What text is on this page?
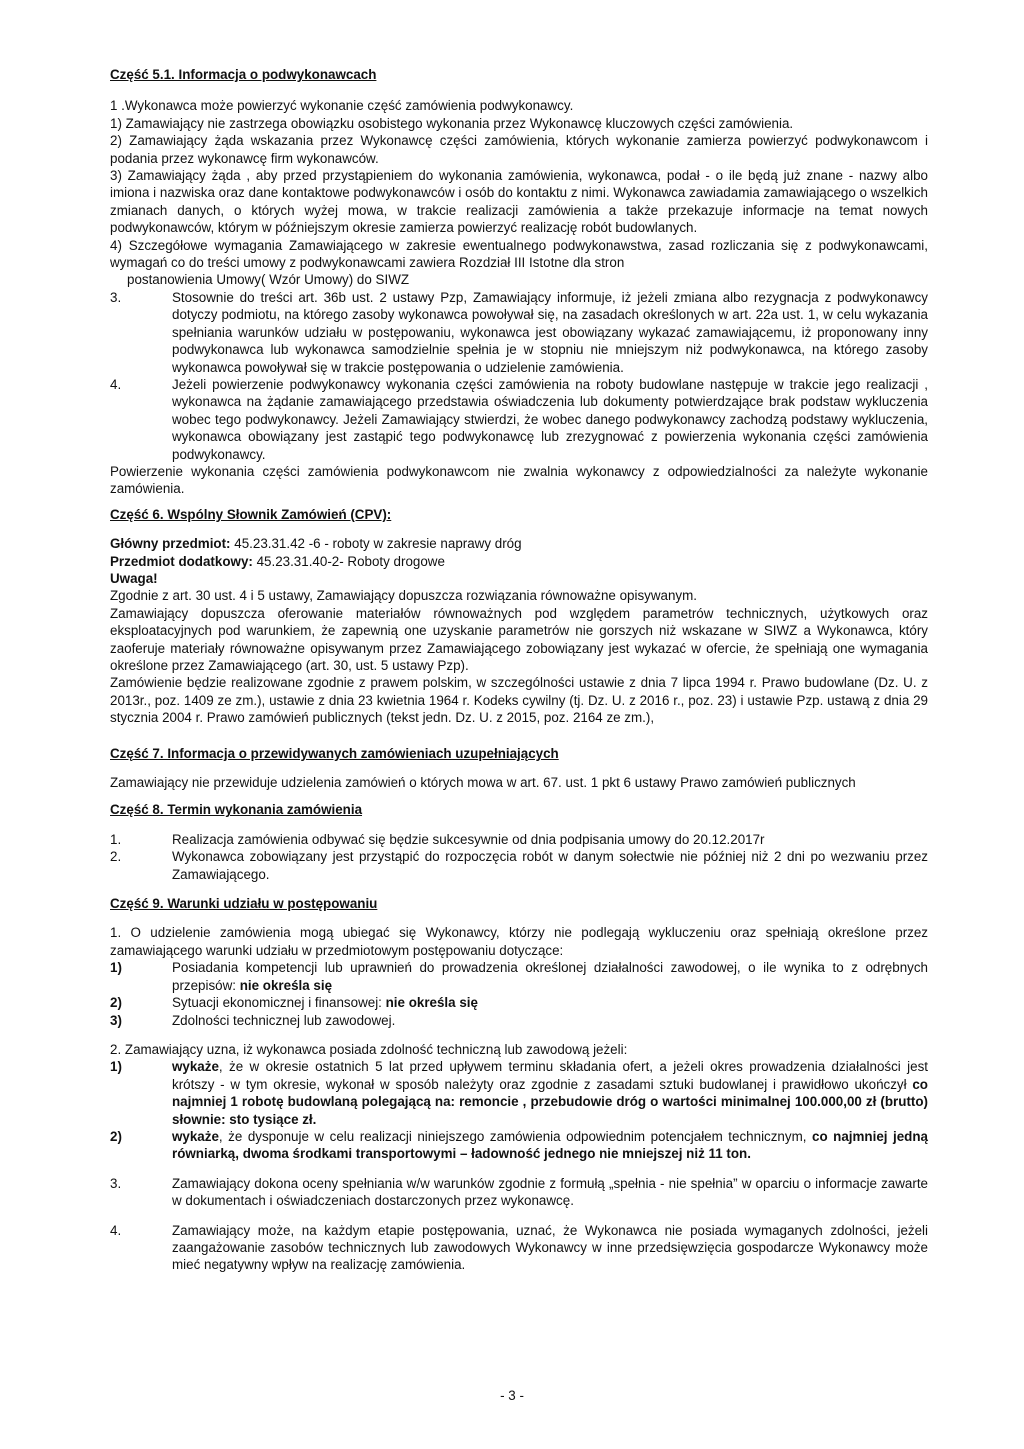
Część 5.1. Informacja o podwykonawcach

1 .Wykonawca może powierzyć wykonanie część zamówienia podwykonawcy.

1) Zamawiający nie zastrzega obowiązku osobistego wykonania przez Wykonawcę kluczowych części zamówienia.

2) Zamawiający żąda wskazania przez Wykonawcę części zamówienia, których wykonanie zamierza powierzyć podwykonawcom i podania przez wykonawcę firm wykonawców.

3) Zamawiający żąda , aby przed przystąpieniem do wykonania zamówienia, wykonawca, podał - o ile będą już znane - nazwy albo imiona i nazwiska oraz dane kontaktowe podwykonawców i osób do kontaktu z nimi. Wykonawca zawiadamia zamawiającego o wszelkich zmianach danych, o których wyżej mowa, w trakcie realizacji zamówienia a także przekazuje informacje na temat nowych podwykonawców, którym w późniejszym okresie zamierza powierzyć realizację robót budowlanych.

4) Szczegółowe wymagania Zamawiającego w zakresie ewentualnego podwykonawstwa, zasad rozliczania się z podwykonawcami, wymagań co do treści umowy z podwykonawcami zawiera Rozdział III Istotne dla stron

postanowienia Umowy( Wzór Umowy) do SIWZ

3.	Stosownie do treści art. 36b ust. 2 ustawy Pzp, Zamawiający informuje, iż jeżeli zmiana albo rezygnacja z podwykonawcy dotyczy podmiotu, na którego zasoby wykonawca powoływał się, na zasadach określonych w art. 22a ust. 1, w celu wykazania spełniania warunków udziału w postępowaniu, wykonawca jest obowiązany wykazać zamawiającemu, iż proponowany inny podwykonawca lub wykonawca samodzielnie spełnia je w stopniu nie mniejszym niż podwykonawca, na którego zasoby wykonawca powoływał się w trakcie postępowania o udzielenie zamówienia.
4.	Jeżeli powierzenie podwykonawcy wykonania części zamówienia na roboty budowlane następuje w trakcie jego realizacji , wykonawca na żądanie zamawiającego przedstawia oświadczenia lub dokumenty potwierdzające brak podstaw wykluczenia wobec tego podwykonawcy. Jeżeli Zamawiający stwierdzi, że wobec danego podwykonawcy zachodzą podstawy wykluczenia, wykonawca obowiązany jest zastąpić tego podwykonawcę lub zrezygnować z powierzenia wykonania części zamówienia podwykonawcy.

Powierzenie wykonania części zamówienia podwykonawcom nie zwalnia wykonawcy z odpowiedzialności za należyte wykonanie zamówienia.

Część 6. Wspólny Słownik Zamówień (CPV):

Główny przedmiot: 45.23.31.42 -6 - roboty w zakresie naprawy dróg

Przedmiot dodatkowy: 45.23.31.40-2- Roboty drogowe

Uwaga!

Zgodnie z art. 30 ust. 4 i 5 ustawy, Zamawiający dopuszcza rozwiązania równoważne opisywanym.

Zamawiający dopuszcza oferowanie materiałów równoważnych pod względem parametrów technicznych, użytkowych oraz eksploatacyjnych pod warunkiem, że zapewnią one uzyskanie parametrów nie gorszych niż wskazane w SIWZ a Wykonawca, który zaoferuje materiały równoważne opisywanym przez Zamawiającego zobowiązany jest wykazać w ofercie, że spełniają one wymagania określone przez Zamawiającego (art. 30, ust. 5 ustawy Pzp).

Zamówienie będzie realizowane zgodnie z prawem polskim, w szczególności ustawie z dnia 7 lipca 1994 r. Prawo budowlane (Dz. U. z 2013r., poz. 1409 ze zm.), ustawie z dnia 23 kwietnia 1964 r. Kodeks cywilny (tj. Dz. U. z 2016 r., poz. 23) i ustawie Pzp. ustawą z dnia 29 stycznia 2004 r. Prawo zamówień publicznych (tekst jedn. Dz. U. z 2015, poz. 2164 ze zm.),

Część 7. Informacja o przewidywanych zamówieniach uzupełniających

Zamawiający nie przewiduje udzielenia zamówień o których mowa w art. 67. ust. 1 pkt 6 ustawy Prawo zamówień publicznych

Część 8. Termin wykonania zamówienia

1.	Realizacja zamówienia odbywać się będzie sukcesywnie od dnia podpisania umowy do 20.12.2017r
2.	Wykonawca zobowiązany jest przystąpić do rozpoczęcia robót w danym sołectwie nie później niż 2 dni po wezwaniu przez Zamawiającego.

Część 9. Warunki udziału w postępowaniu

1. O udzielenie zamówienia mogą ubiegać się Wykonawcy, którzy nie podlegają wykluczeniu oraz spełniają określone przez zamawiającego warunki udziału w przedmiotowym postępowaniu dotyczące:

1)	Posiadania kompetencji lub uprawnień do prowadzenia określonej działalności zawodowej, o ile wynika to z odrębnych przepisów: nie określa się
2)	Sytuacji ekonomicznej i finansowej: nie określa się
3)	Zdolności technicznej lub zawodowej.

2. Zamawiający uzna, iż wykonawca posiada zdolność techniczną lub zawodową jeżeli:

1)	wykaże, że w okresie ostatnich 5 lat przed upływem terminu składania ofert, a jeżeli okres prowadzenia działalności jest krótszy - w tym okresie, wykonał w sposób należyty oraz zgodnie z zasadami sztuki budowlanej i prawidłowo ukończył co najmniej 1 robotę budowlaną polegającą na: remoncie , przebudowie dróg o wartości minimalnej 100.000,00 zł (brutto) słownie: sto tysiące zł.
2)	wykaże, że dysponuje w celu realizacji niniejszego zamówienia odpowiednim potencjałem technicznym, co najmniej jedną równiarką, dwoma środkami transportowymi – ładowność jednego nie mniejszej niż 11 ton.
3.	Zamawiający dokona oceny spełniania w/w warunków zgodnie z formułą „spełnia - nie spełnia” w oparciu o informacje zawarte w dokumentach i oświadczeniach dostarczonych przez wykonawcę.
4.	Zamawiający może, na każdym etapie postępowania, uznać, że Wykonawca nie posiada wymaganych zdolności, jeżeli zaangażowanie zasobów technicznych lub zawodowych Wykonawcy w inne przedsięwzięcia gospodarcze Wykonawcy może mieć negatywny wpływ na realizację zamówienia.
- 3 -
